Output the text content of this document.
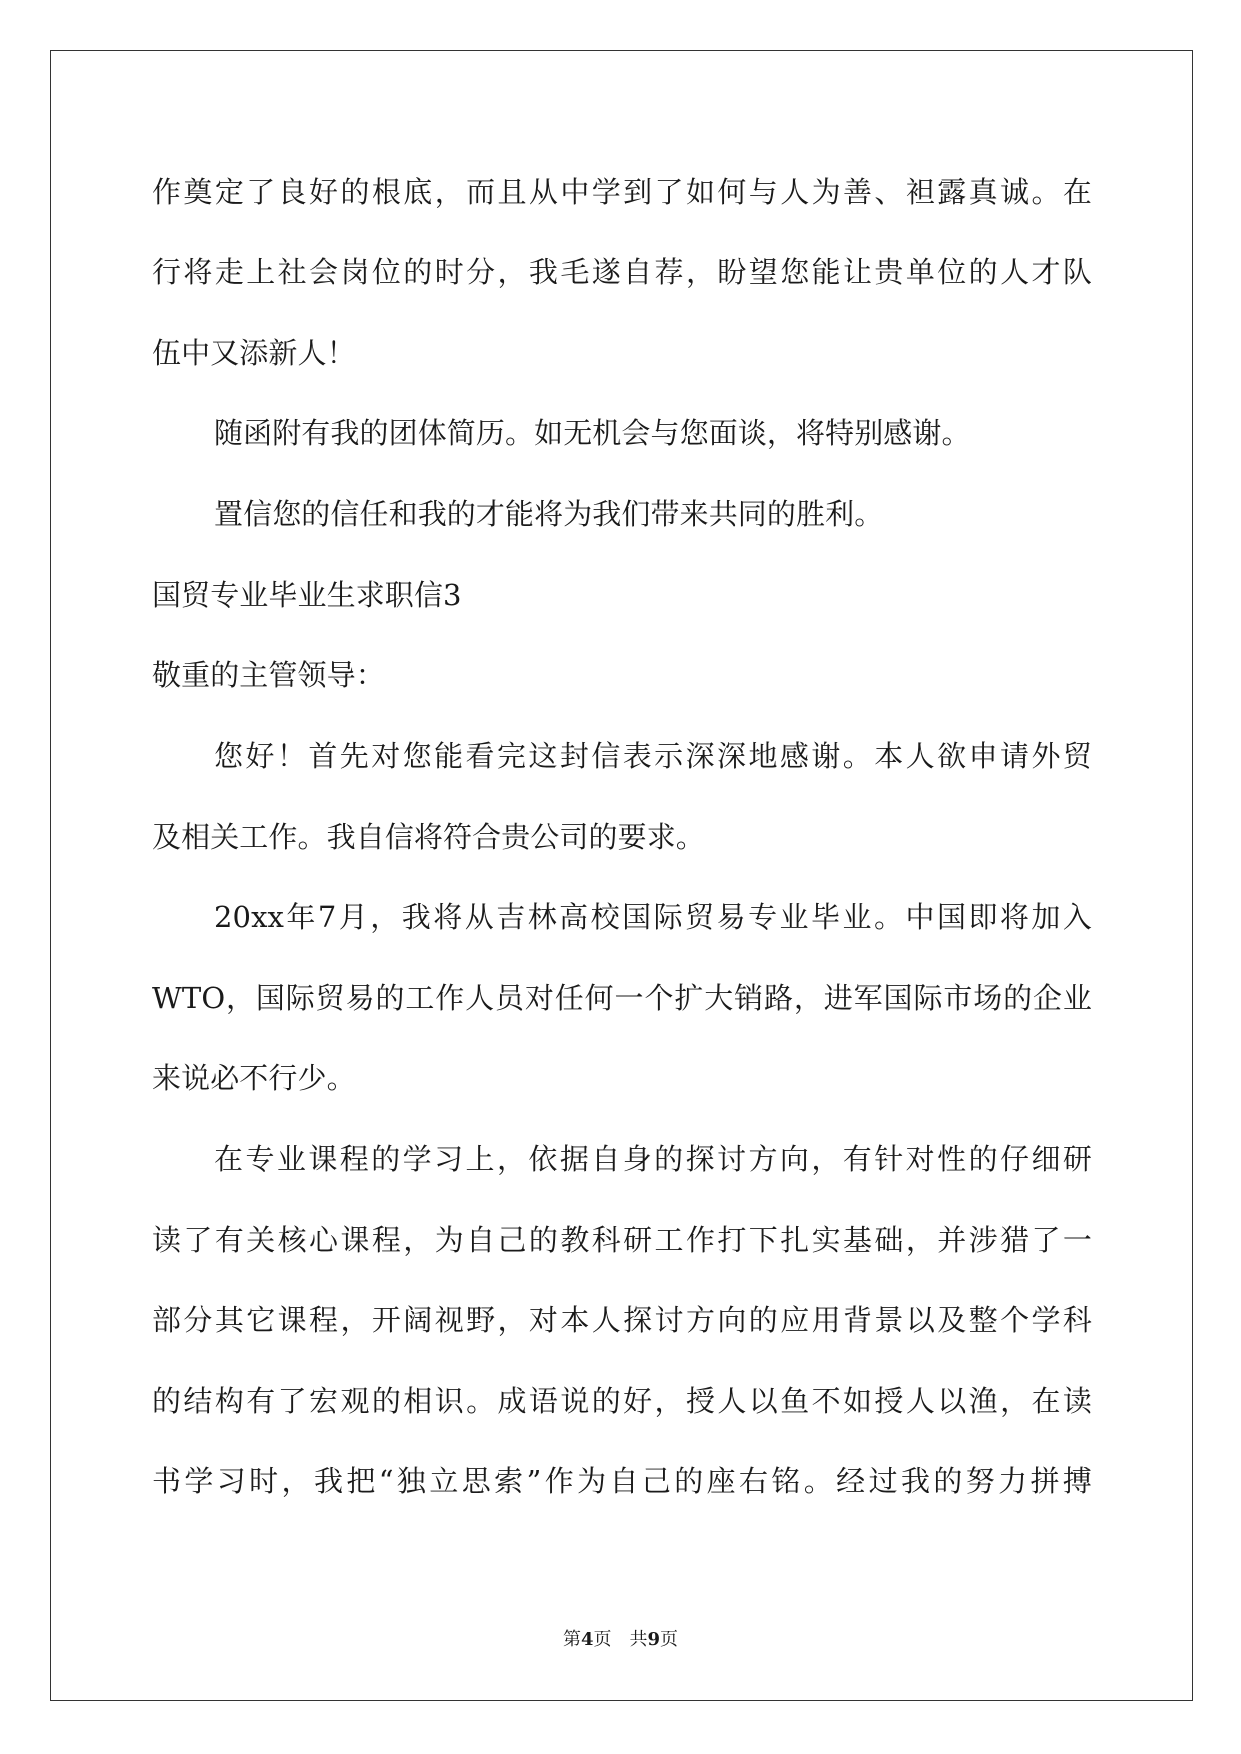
作奠定了良好的根底，而且从中学到了如何与人为善、袒露真诚。在
行将走上社会岗位的时分，我毛遂自荐，盼望您能让贵单位的人才队
伍中又添新人！
随函附有我的团体简历。如无机会与您面谈，将特别感谢。
置信您的信任和我的才能将为我们带来共同的胜利。
国贸专业毕业生求职信3
敬重的主管领导：
您好！首先对您能看完这封信表示深深地感谢。本人欲申请外贸
及相关工作。我自信将符合贵公司的要求。
20xx年7月，我将从吉林高校国际贸易专业毕业。中国即将加入
WTO，国际贸易的工作人员对任何一个扩大销路，进军国际市场的企业
来说必不行少。
在专业课程的学习上，依据自身的探讨方向，有针对性的仔细研
读了有关核心课程，为自己的教科研工作打下扎实基础，并涉猎了一
部分其它课程，开阔视野，对本人探讨方向的应用背景以及整个学科
的结构有了宏观的相识。成语说的好，授人以鱼不如授人以渔，在读
书学习时，我把“独立思索”作为自己的座右铭。经过我的努力拼搏
第4页　共9页
